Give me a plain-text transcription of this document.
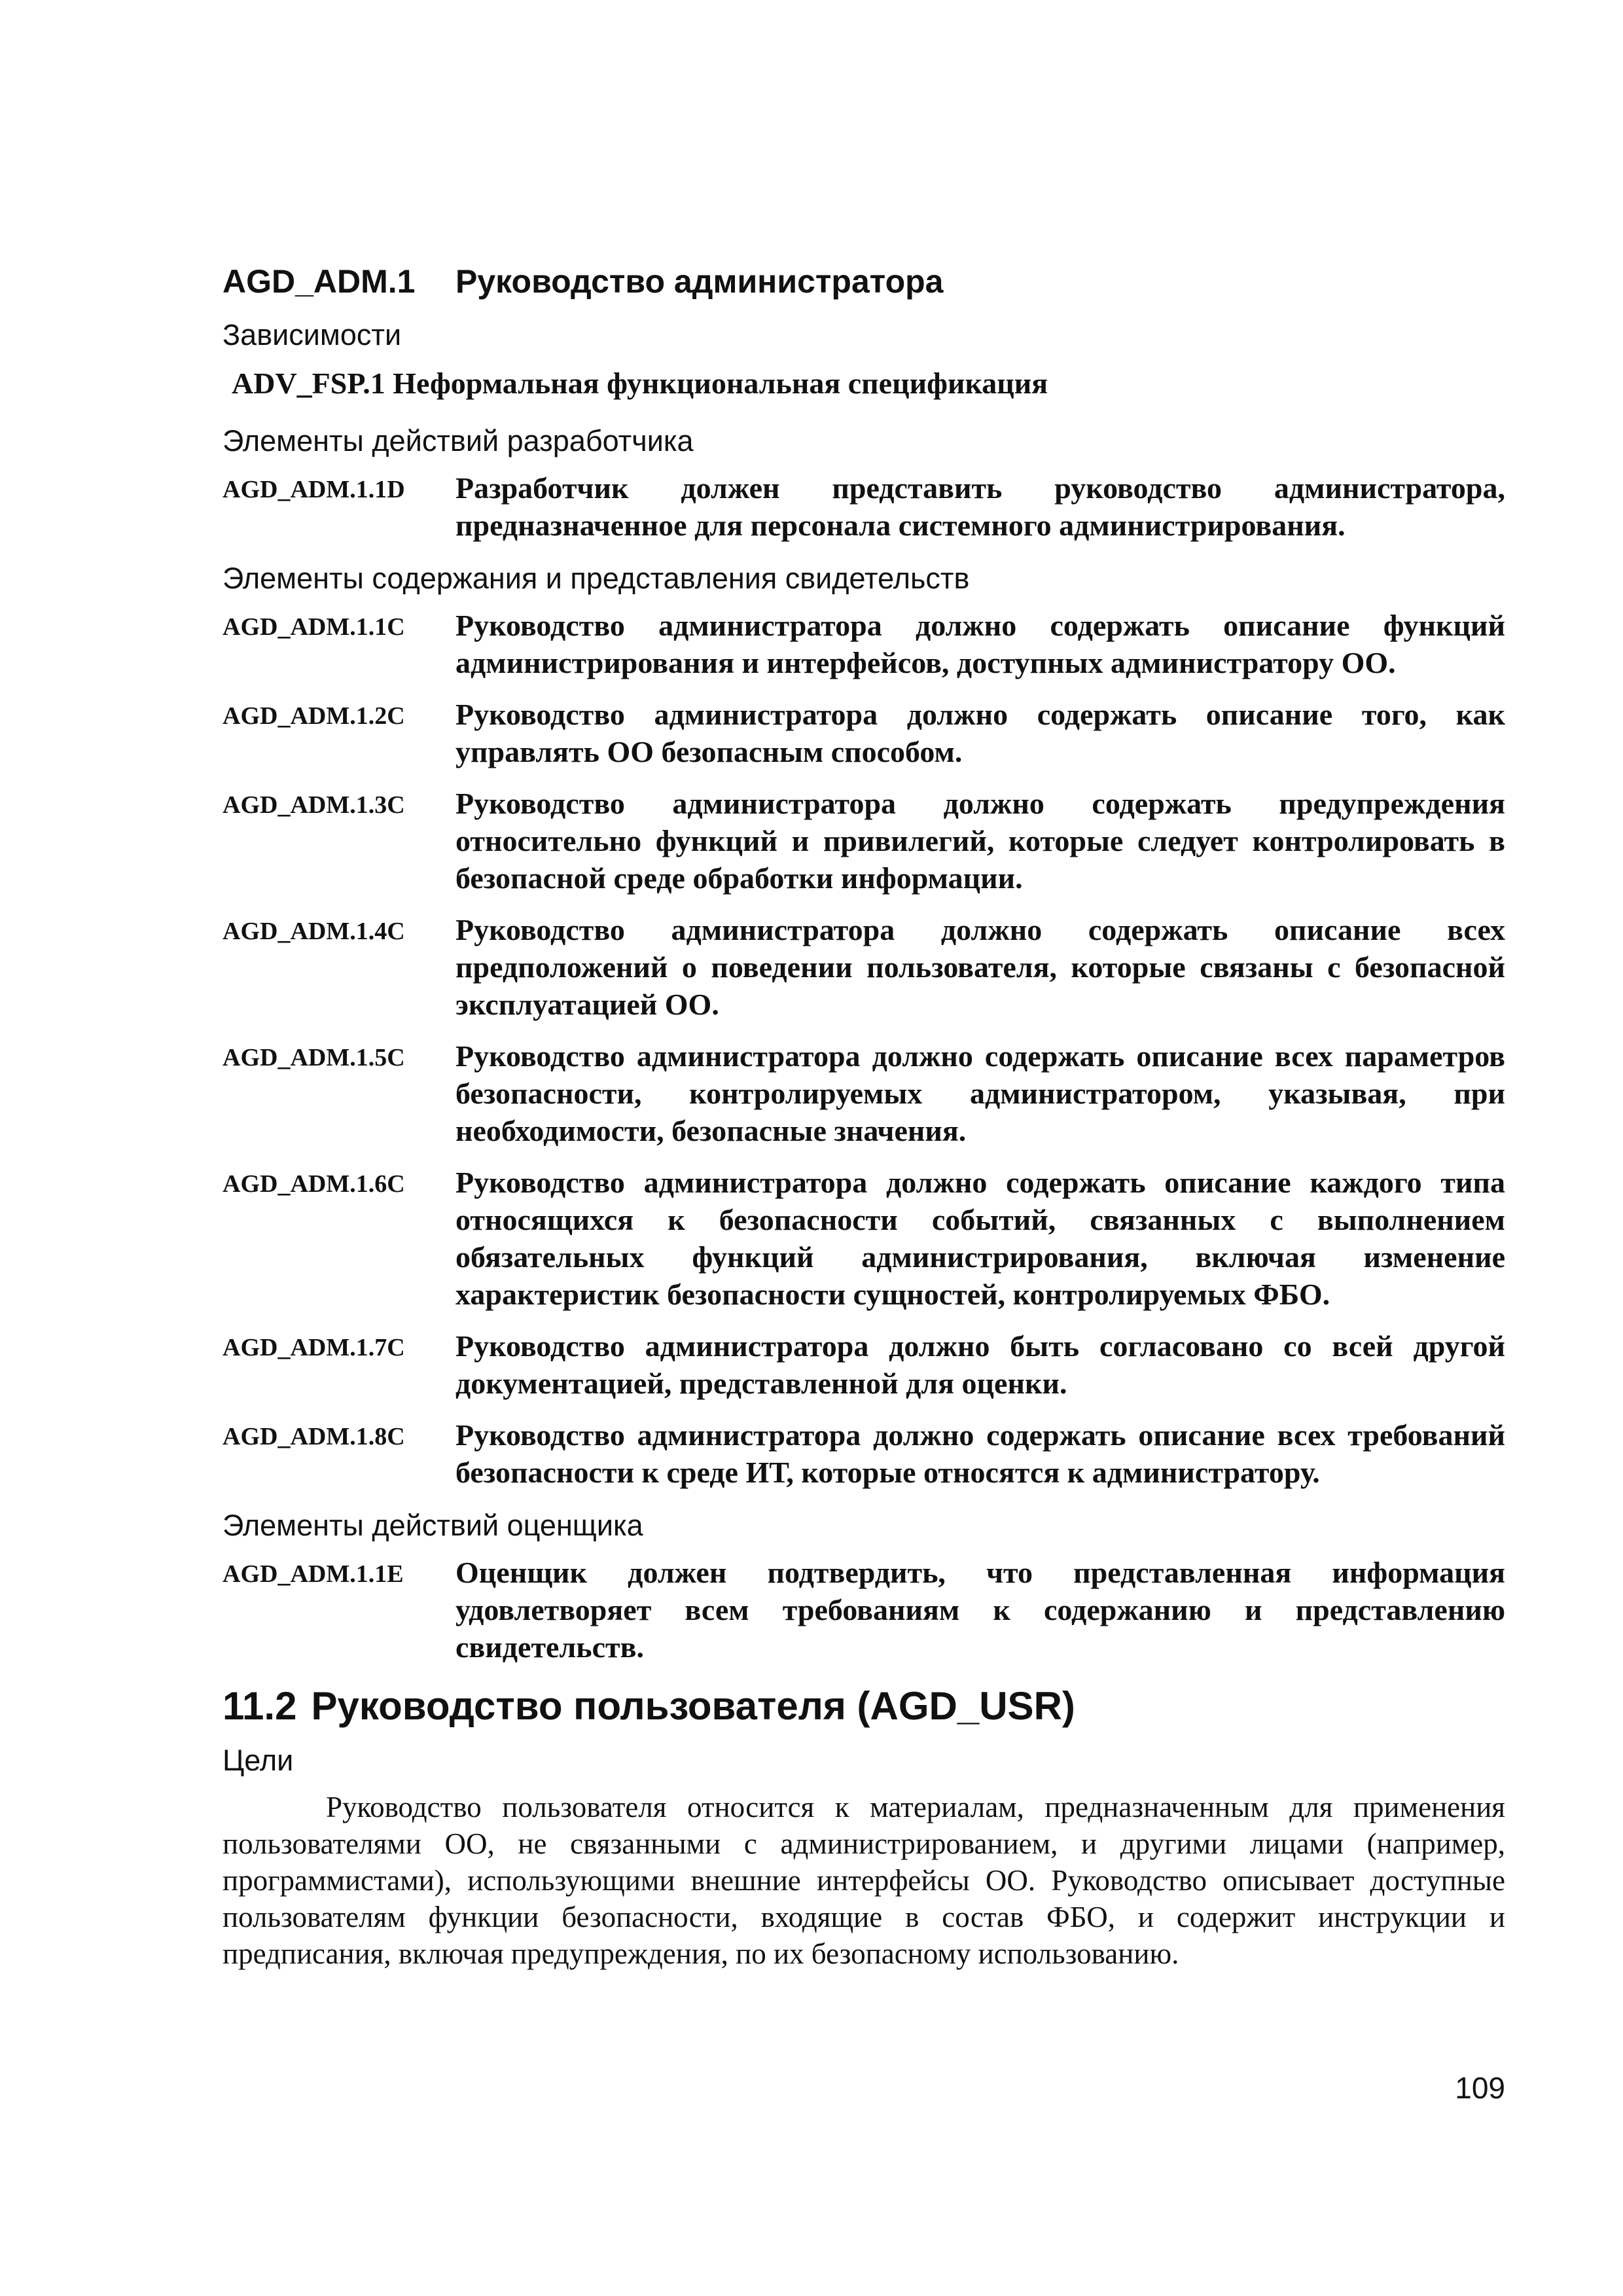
AGD_ADM.1 Руководство администратора
Зависимости
ADV_FSP.1 Неформальная функциональная спецификация
Элементы действий разработчика
AGD_ADM.1.1D	Разработчик должен представить руководство администратора, предназначенное для персонала системного администрирования.
Элементы содержания и представления свидетельств
AGD_ADM.1.1C	Руководство администратора должно содержать описание функций администрирования и интерфейсов, доступных администратору ОО.
AGD_ADM.1.2C	Руководство администратора должно содержать описание того, как управлять ОО безопасным способом.
AGD_ADM.1.3C	Руководство администратора должно содержать предупреждения относительно функций и привилегий, которые следует контролировать в безопасной среде обработки информации.
AGD_ADM.1.4C	Руководство администратора должно содержать описание всех предположений о поведении пользователя, которые связаны с безопасной эксплуатацией ОО.
AGD_ADM.1.5C	Руководство администратора должно содержать описание всех параметров безопасности, контролируемых администратором, указывая, при необходимости, безопасные значения.
AGD_ADM.1.6C	Руководство администратора должно содержать описание каждого типа относящихся к безопасности событий, связанных с выполнением обязательных функций администрирования, включая изменение характеристик безопасности сущностей, контролируемых ФБО.
AGD_ADM.1.7C	Руководство администратора должно быть согласовано со всей другой документацией, представленной для оценки.
AGD_ADM.1.8C	Руководство администратора должно содержать описание всех требований безопасности к среде ИТ, которые относятся к администратору.
Элементы действий оценщика
AGD_ADM.1.1E	Оценщик должен подтвердить, что представленная информация удовлетворяет всем требованиям к содержанию и представлению свидетельств.
11.2 Руководство пользователя (AGD_USR)
Цели

Руководство пользователя относится к материалам, предназначенным для применения пользователями ОО, не связанными с администрированием, и другими лицами (например, программистами), использующими внешние интерфейсы ОО. Руководство описывает доступные пользователям функции безопасности, входящие в состав ФБО, и содержит инструкции и предписания, включая предупреждения, по их безопасному использованию.

109
